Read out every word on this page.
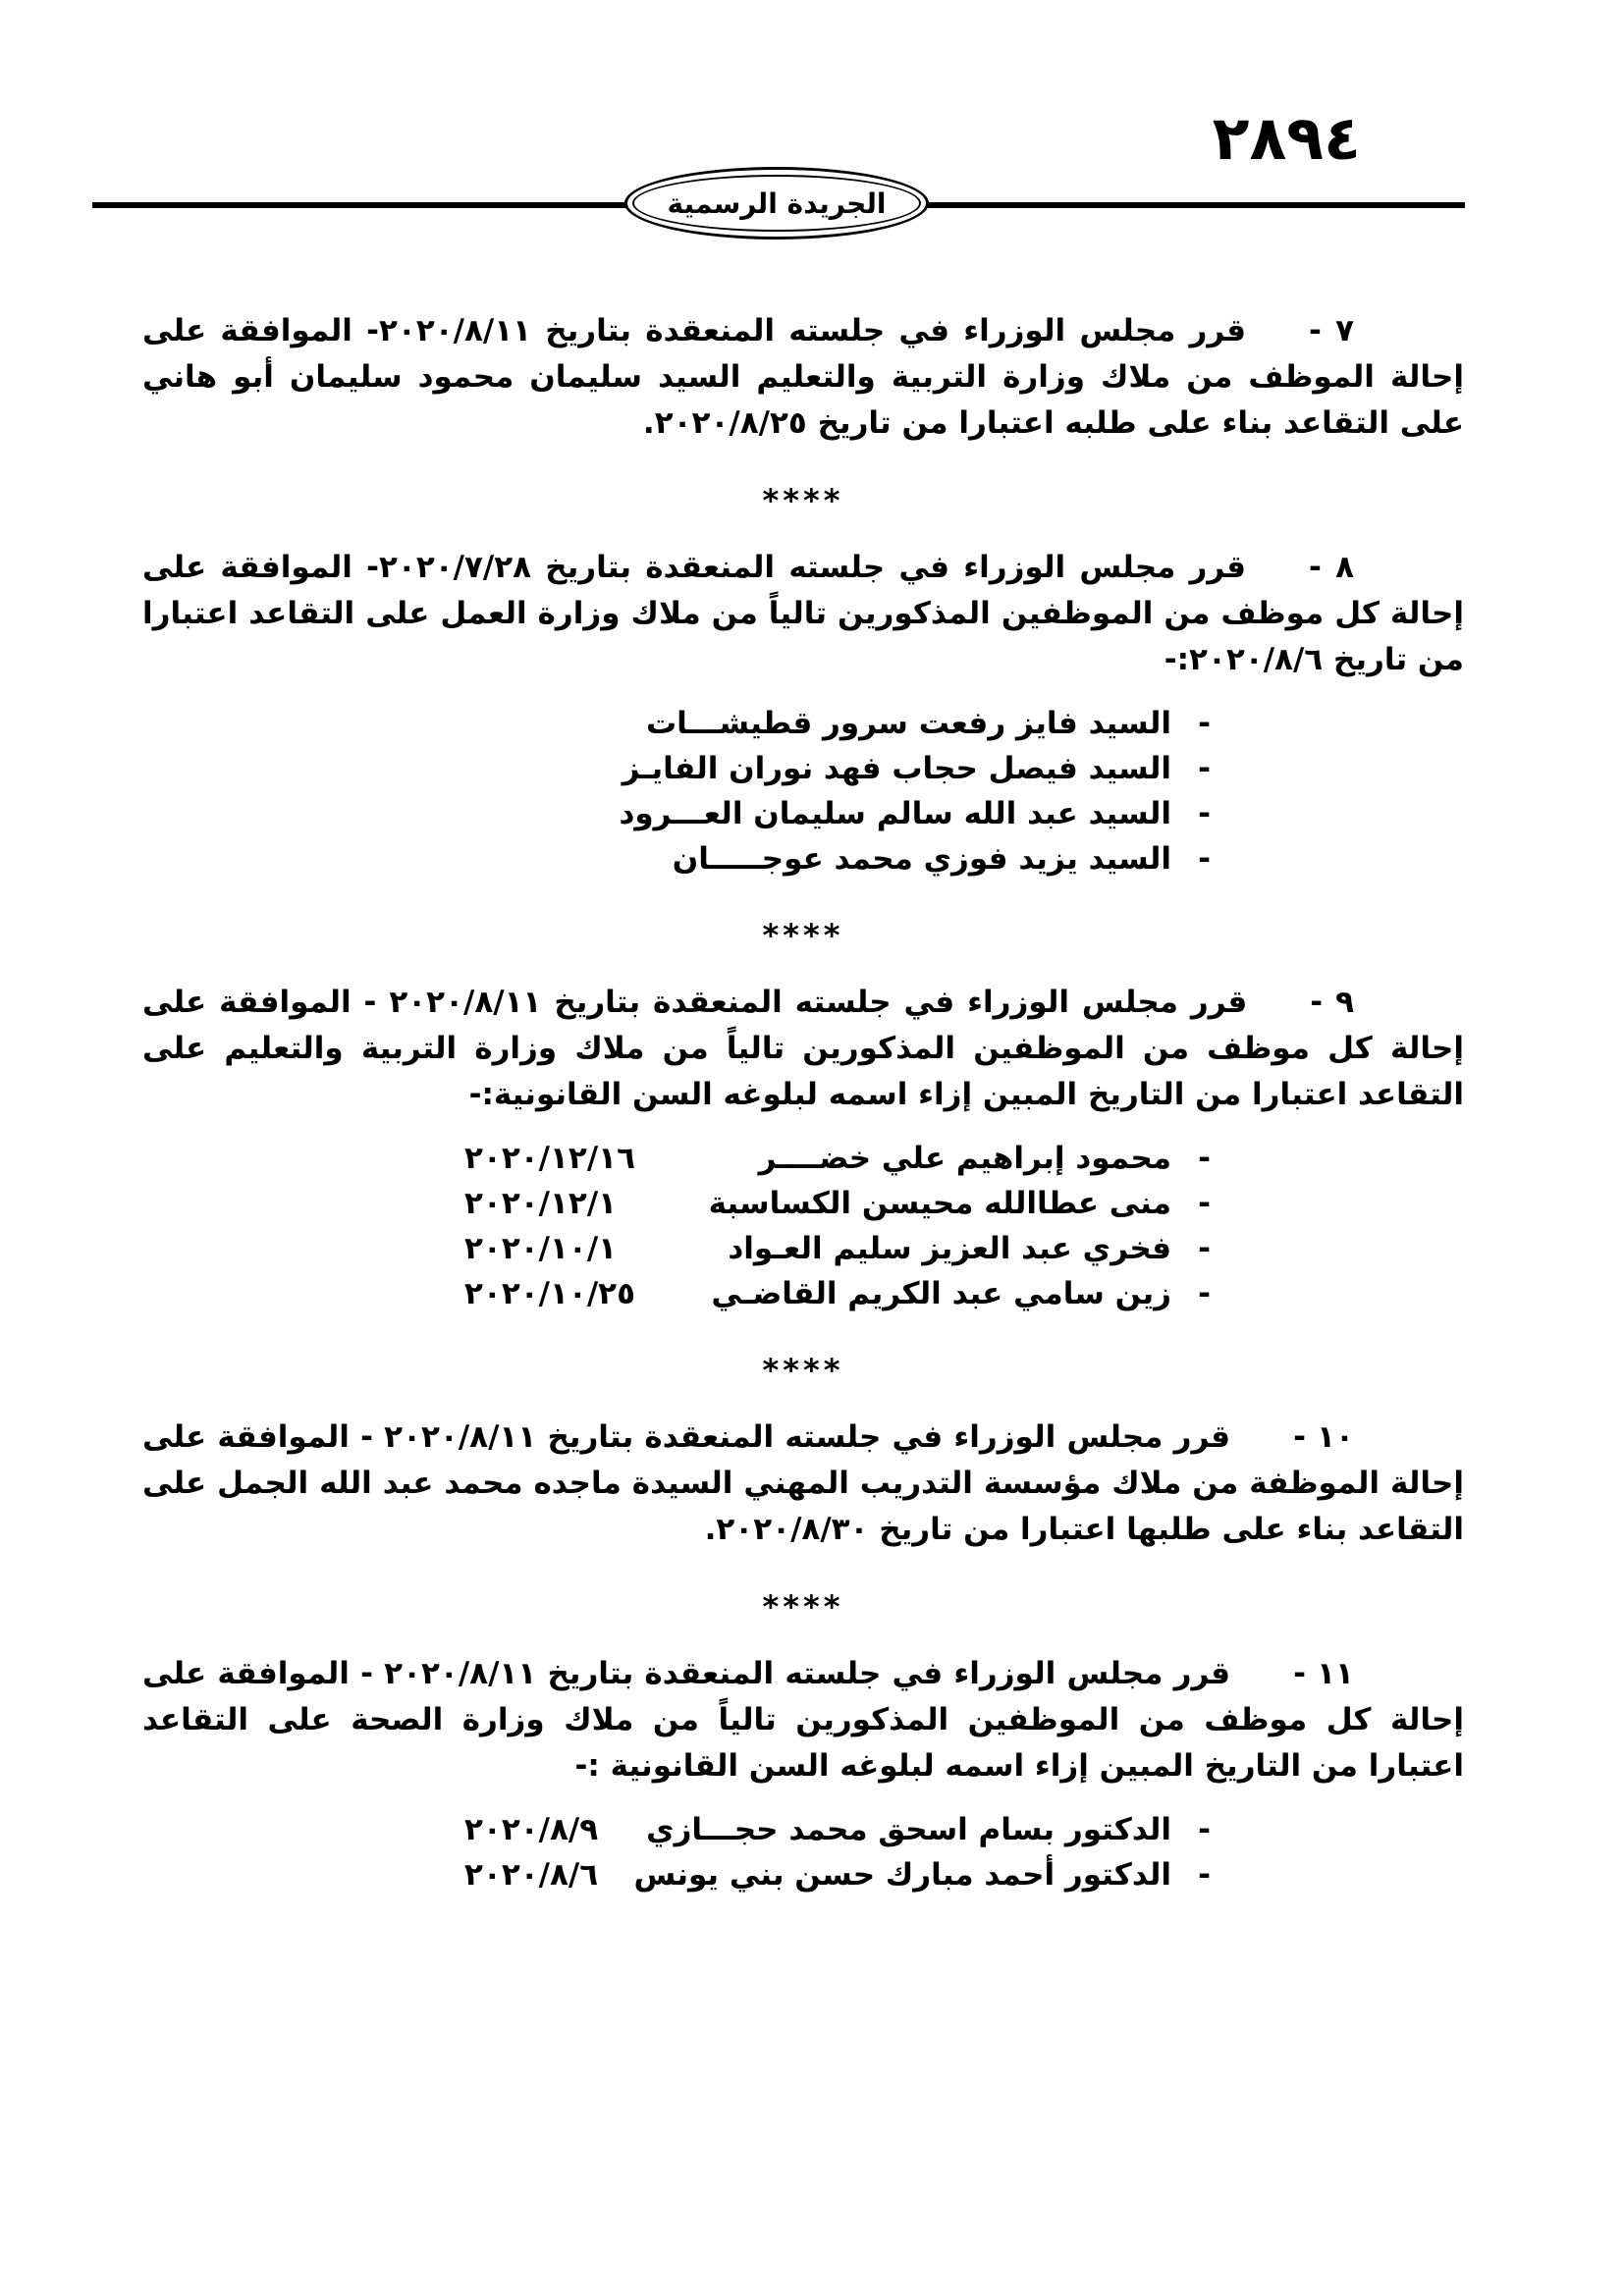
٢٨٩٤
الجريدة الرسمية

٧ -قرر مجلس الوزراء في جلسته المنعقدة بتاريخ ٢٠٢٠/٨/١١- الموافقة على إحالة الموظف من ملاك وزارة التربية والتعليم السيد سليمان محمود سليمان أبو هاني على التقاعد بناء على طلبه اعتبارا من تاريخ ٢٠٢٠/٨/٢٥.

****

٨ -قرر مجلس الوزراء في جلسته المنعقدة بتاريخ ٢٠٢٠/٧/٢٨- الموافقة على إحالة كل موظف من الموظفين المذكورين تالياً من ملاك وزارة العمل على التقاعد اعتبارا من تاريخ ٢٠٢٠/٨/٦:-

-
السيد فايز رفعت سرور قطيشـــات
-
السيد فيصل حجاب فهد نوران الفايـز
-
السيد عبد الله سالم سليمان العـــرود
-
السيد يزيد فوزي محمد عوجـــــان
****

٩ -قرر مجلس الوزراء في جلسته المنعقدة بتاريخ ٢٠٢٠/٨/١١ - الموافقة على إحالة كل موظف من الموظفين المذكورين تالياً من ملاك وزارة التربية والتعليم على التقاعد اعتبارا من التاريخ المبين إزاء اسمه لبلوغه السن القانونية:-

-
محمود إبراهيم علي خضــــر
٢٠٢٠/١٢/١٦
-
منى عطاالله محيسن الكساسبة
٢٠٢٠/١٢/١
-
فخري عبد العزيز سليم العـواد
٢٠٢٠/١٠/١
-
زين سامي عبد الكريم القاضـي
٢٠٢٠/١٠/٢٥
****

١٠ -قرر مجلس الوزراء في جلسته المنعقدة بتاريخ ٢٠٢٠/٨/١١ - الموافقة على إحالة الموظفة من ملاك مؤسسة التدريب المهني السيدة ماجده محمد عبد الله الجمل على التقاعد بناء على طلبها اعتبارا من تاريخ ٢٠٢٠/٨/٣٠.

****

١١ -قرر مجلس الوزراء في جلسته المنعقدة بتاريخ ٢٠٢٠/٨/١١ - الموافقة على إحالة كل موظف من الموظفين المذكورين تالياً من ملاك وزارة الصحة على التقاعد اعتبارا من التاريخ المبين إزاء اسمه لبلوغه السن القانونية :-

-
الدكتور بسام اسحق محمد حجـــازي
٢٠٢٠/٨/٩
-
الدكتور أحمد مبارك حسن بني يونس
٢٠٢٠/٨/٦
